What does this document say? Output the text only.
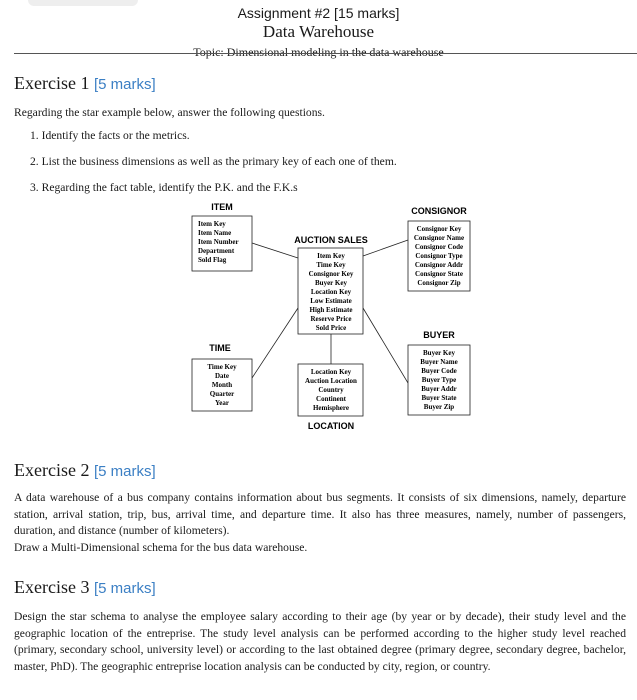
Assignment #2 [15 marks]
Data Warehouse
Topic: Dimensional modeling in the data warehouse
Exercise 1 [5 marks]
Regarding the star example below, answer the following questions.
1. Identify the facts or the metrics.
2. List the business dimensions as well as the primary key of each one of them.
3. Regarding the fact table, identify the P.K. and the F.K.s
ITEM
Item Key
Item Name
Item Number
Department
Sold Flag
AUCTION SALES
Item Key
Time Key
Consignor Key
Buyer Key
Location Key
Low Estimate
High Estimate
Reserve Price
Sold Price
CONSIGNOR
Consignor Key
Consignor Name
Consignor Code
Consignor Type
Consignor Addr
Consignor State
Consignor Zip
TIME
Time Key
Date
Month
Quarter
Year
Location Key
Auction Location
Country
Continent
Hemisphere
LOCATION
BUYER
Buyer Key
Buyer Name
Buyer Code
Buyer Type
Buyer Addr
Buyer State
Buyer Zip
Exercise 2 [5 marks]
A data warehouse of a bus company contains information about bus segments. It consists of six dimensions, namely, departure station, arrival station, trip, bus, arrival time, and departure time. It also has three measures, namely, number of passengers, duration, and distance (number of kilometers).
Draw a Multi-Dimensional schema for the bus data warehouse.
Exercise 3 [5 marks]
Design the star schema to analyse the employee salary according to their age (by year or by decade), their study level and the geographic location of the entreprise. The study level analysis can be performed according to the higher study level reached (primary, secondary school, university level) or according to the last obtained degree (primary degree, secondary degree, bachelor, master, PhD). The geographic entreprise location analysis can be conducted by city, region, or country.
